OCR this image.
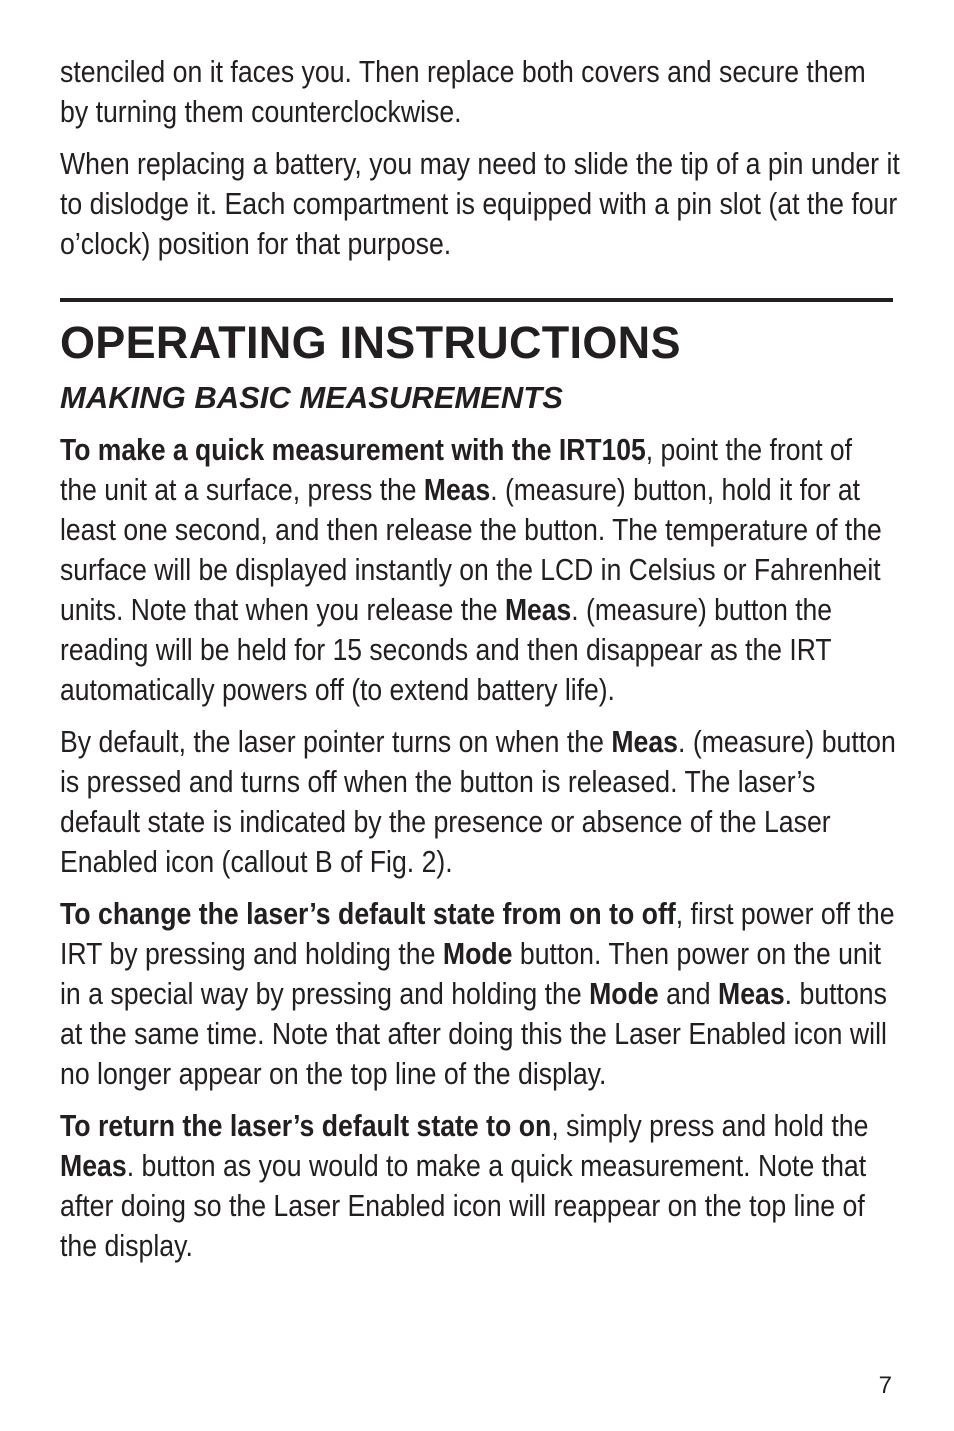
stenciled on it faces you. Then replace both covers and secure them by turning them counterclockwise.

When replacing a battery, you may need to slide the tip of a pin under it to dislodge it. Each compartment is equipped with a pin slot (at the four o’clock) position for that purpose.

OPERATING INSTRUCTIONS
MAKING BASIC MEASUREMENTS

To make a quick measurement with the IRT105, point the front of the unit at a surface, press the Meas. (measure) button, hold it for at least one second, and then release the button. The temperature of the surface will be displayed instantly on the LCD in Celsius or Fahrenheit units. Note that when you release the Meas. (measure) button the reading will be held for 15 seconds and then disappear as the IRT automatically powers off (to extend battery life).

By default, the laser pointer turns on when the Meas. (measure) button is pressed and turns off when the button is released. The laser’s default state is indicated by the presence or absence of the Laser Enabled icon (callout B of Fig. 2).

To change the laser’s default state from on to off, first power off the IRT by pressing and holding the Mode button. Then power on the unit in a special way by pressing and holding the Mode and Meas. buttons at the same time. Note that after doing this the Laser Enabled icon will no longer appear on the top line of the display.

To return the laser’s default state to on, simply press and hold the Meas. button as you would to make a quick measurement. Note that after doing so the Laser Enabled icon will reappear on the top line of the display.

7
